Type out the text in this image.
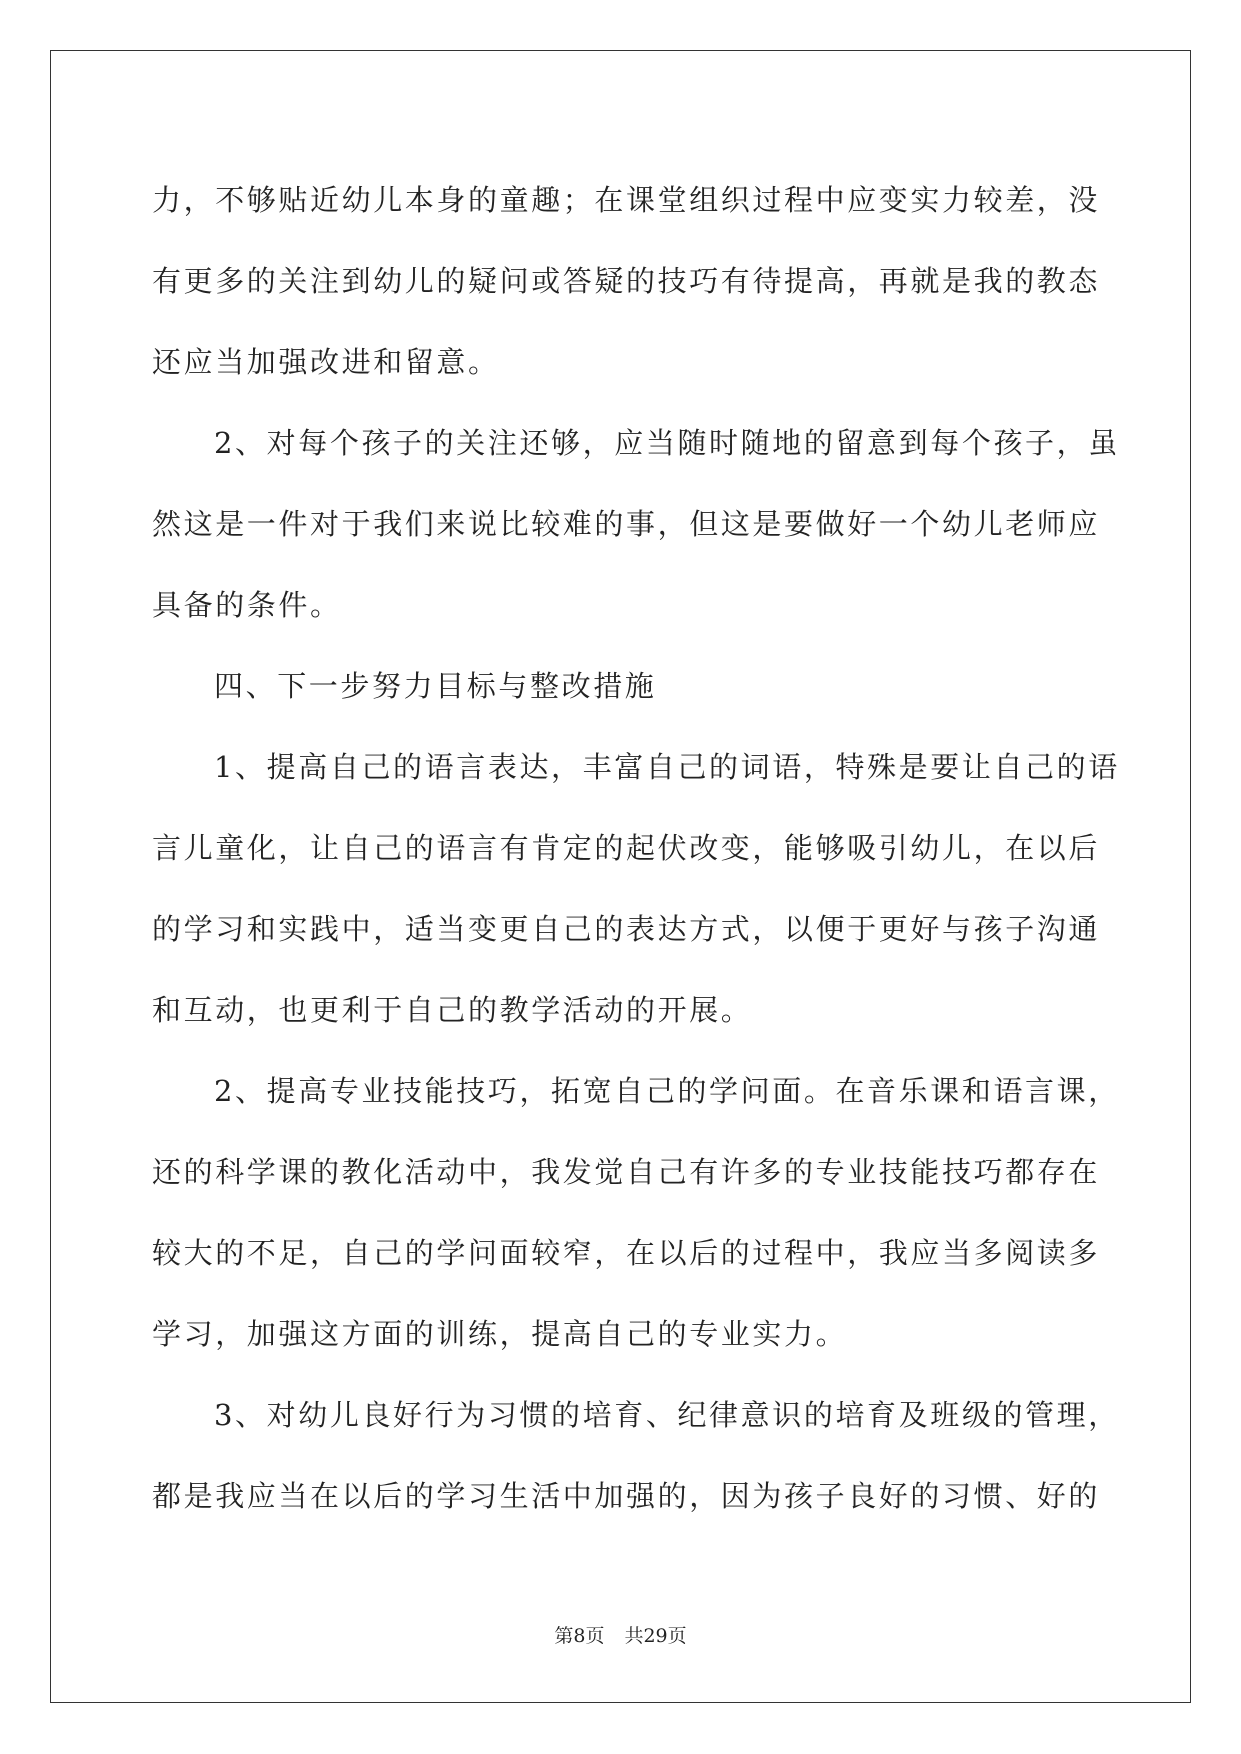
力，不够贴近幼儿本身的童趣；在课堂组织过程中应变实力较差，没
有更多的关注到幼儿的疑问或答疑的技巧有待提高，再就是我的教态
还应当加强改进和留意。
2、对每个孩子的关注还够，应当随时随地的留意到每个孩子，虽
然这是一件对于我们来说比较难的事，但这是要做好一个幼儿老师应
具备的条件。
四、下一步努力目标与整改措施
1、提高自己的语言表达，丰富自己的词语，特殊是要让自己的语
言儿童化，让自己的语言有肯定的起伏改变，能够吸引幼儿，在以后
的学习和实践中，适当变更自己的表达方式，以便于更好与孩子沟通
和互动，也更利于自己的教学活动的开展。
2、提高专业技能技巧，拓宽自己的学问面。在音乐课和语言课，
还的科学课的教化活动中，我发觉自己有许多的专业技能技巧都存在
较大的不足，自己的学问面较窄，在以后的过程中，我应当多阅读多
学习，加强这方面的训练，提高自己的专业实力。
3、对幼儿良好行为习惯的培育、纪律意识的培育及班级的管理，
都是我应当在以后的学习生活中加强的，因为孩子良好的习惯、好的
第8页 共29页
